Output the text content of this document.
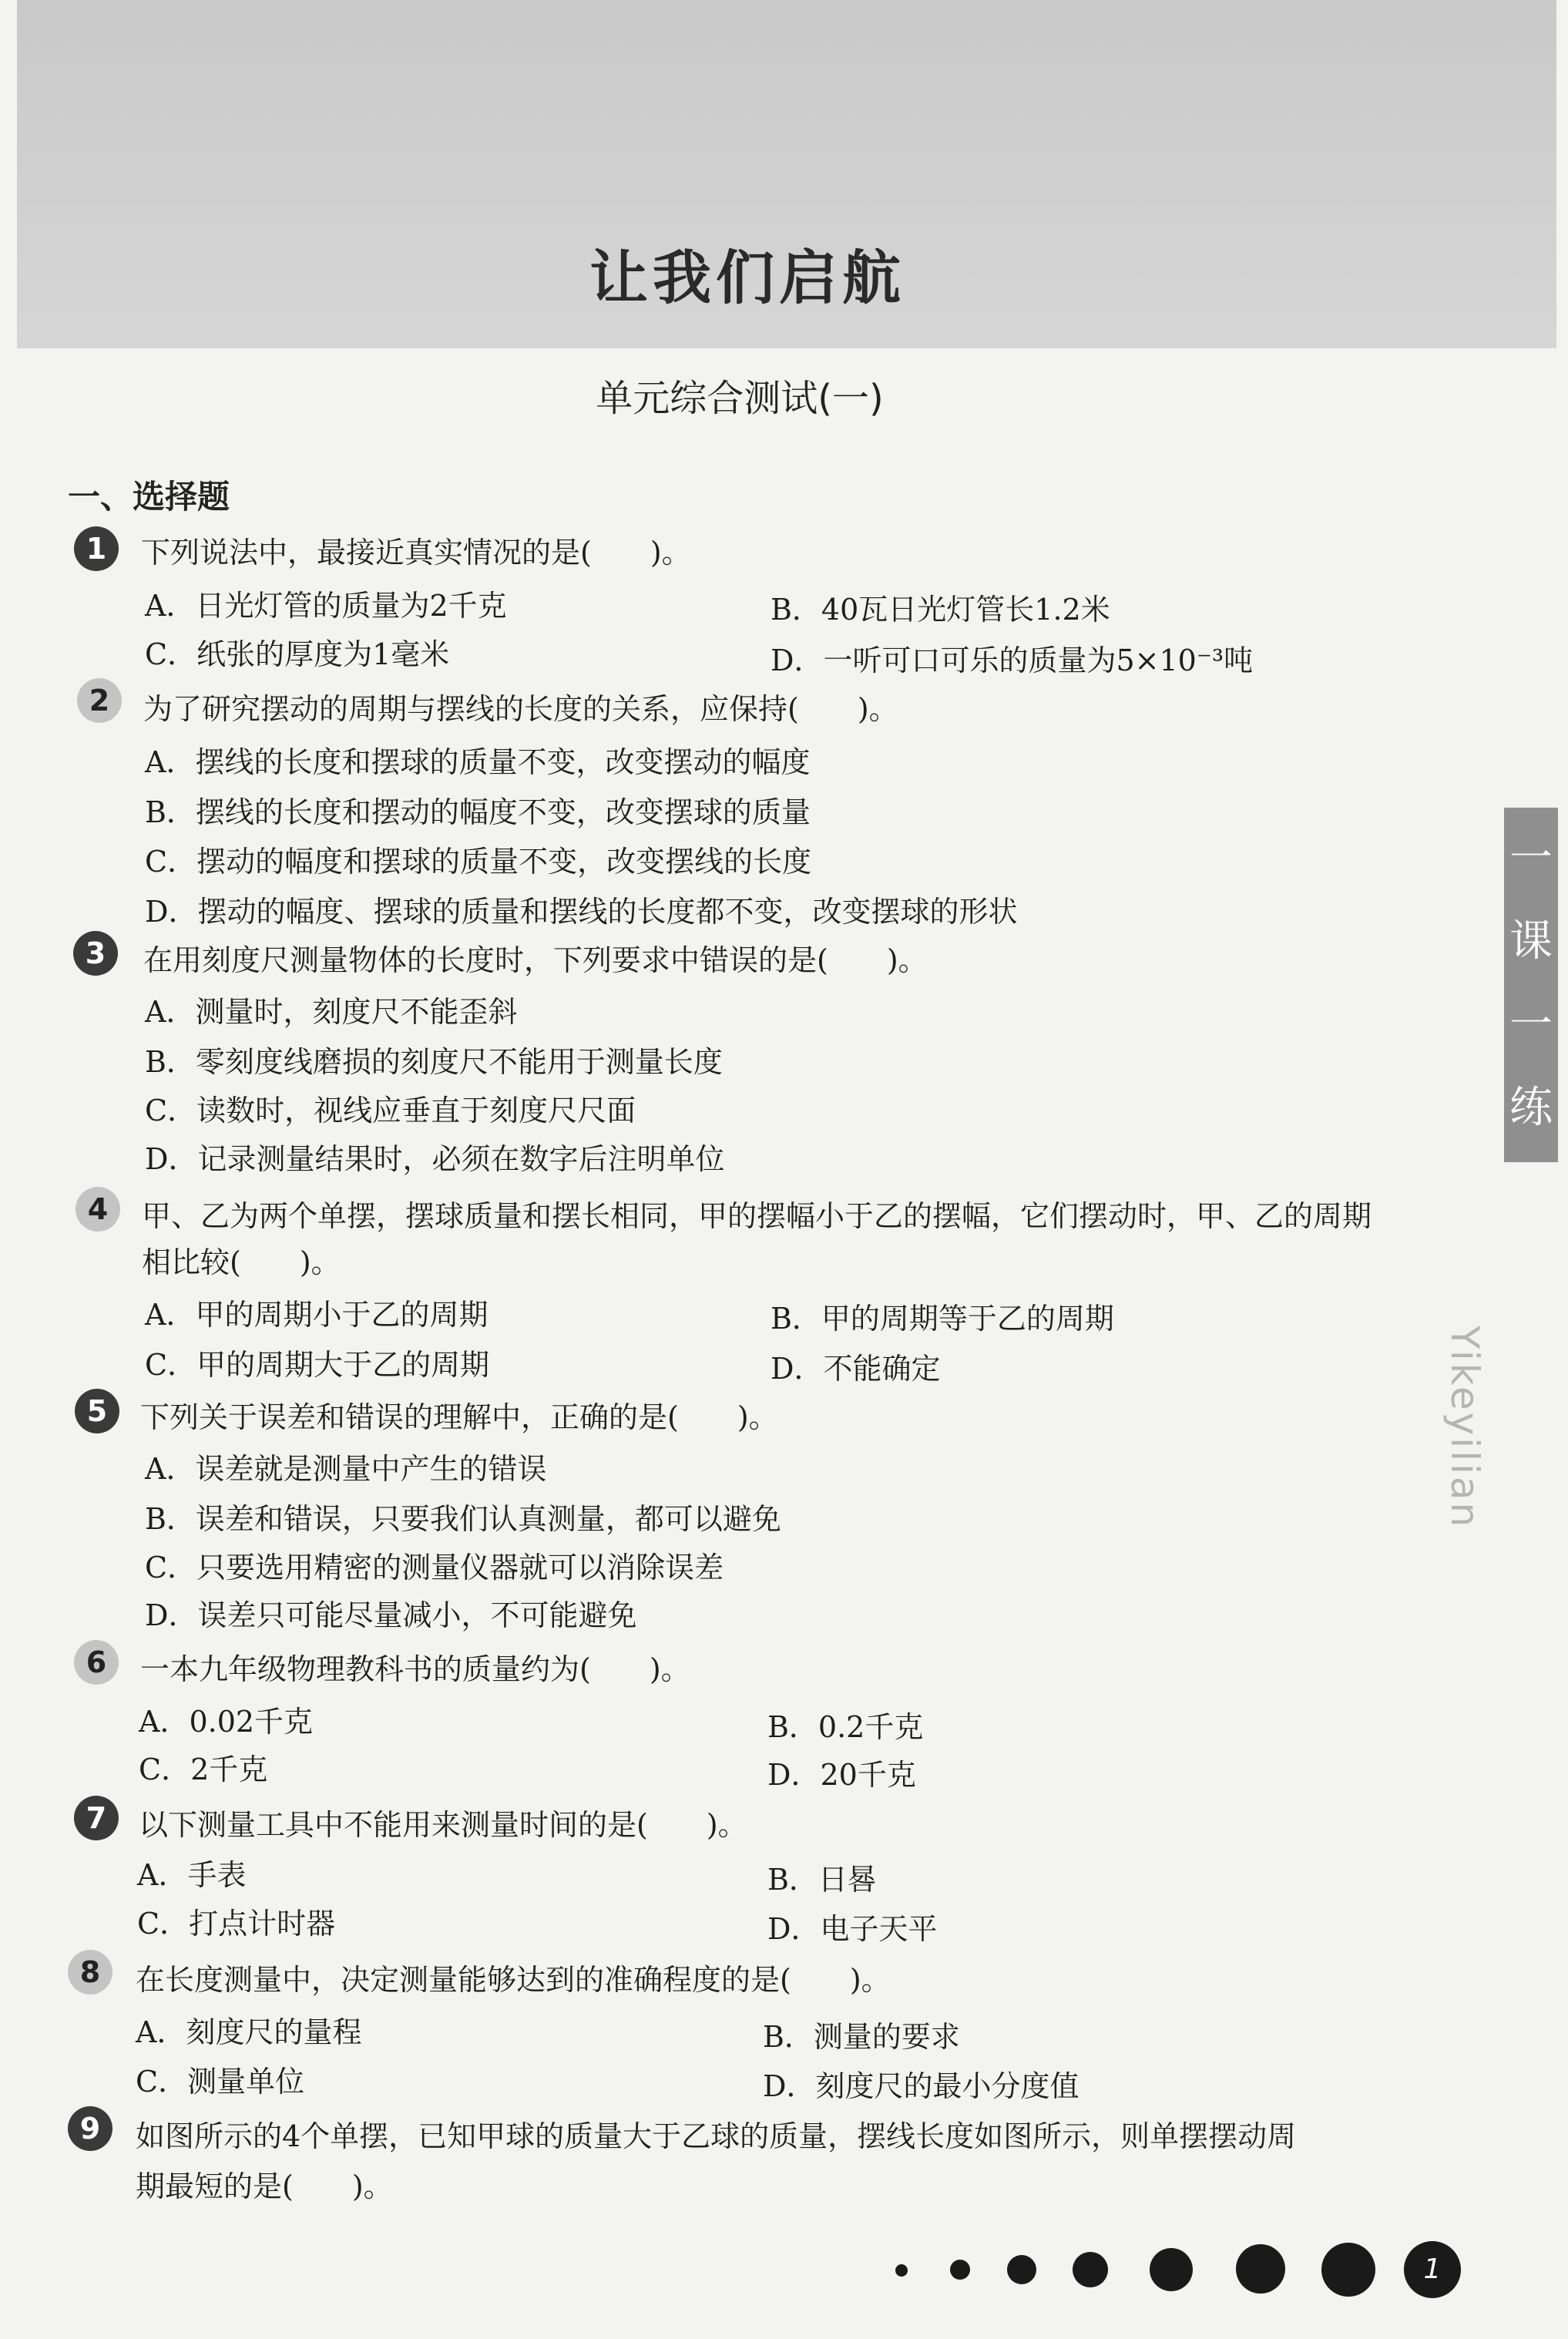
让我们启航
单元综合测试(一)
一、选择题
1	下列说法中，最接近真实情况的是(　　)。
A．日光灯管的质量为2千克	B．40瓦日光灯管长1.2米
C．纸张的厚度为1毫米	D．一听可口可乐的质量为5×10⁻³吨
2	为了研究摆动的周期与摆线的长度的关系，应保持(　　)。
A．摆线的长度和摆球的质量不变，改变摆动的幅度
B．摆线的长度和摆动的幅度不变，改变摆球的质量
C．摆动的幅度和摆球的质量不变，改变摆线的长度
D．摆动的幅度、摆球的质量和摆线的长度都不变，改变摆球的形状
3	在用刻度尺测量物体的长度时，下列要求中错误的是(　　)。
A．测量时，刻度尺不能歪斜
B．零刻度线磨损的刻度尺不能用于测量长度
C．读数时，视线应垂直于刻度尺尺面
D．记录测量结果时，必须在数字后注明单位
4	甲、乙为两个单摆，摆球质量和摆长相同，甲的摆幅小于乙的摆幅，它们摆动时，甲、乙的周期
相比较(　　)。
A．甲的周期小于乙的周期	B．甲的周期等于乙的周期
C．甲的周期大于乙的周期	D．不能确定
5	下列关于误差和错误的理解中，正确的是(　　)。
A．误差就是测量中产生的错误
B．误差和错误，只要我们认真测量，都可以避免
C．只要选用精密的测量仪器就可以消除误差
D．误差只可能尽量减小，不可能避免
6	一本九年级物理教科书的质量约为(　　)。
A．0.02千克	B．0.2千克
C．2千克	D．20千克
7	以下测量工具中不能用来测量时间的是(　　)。
A．手表	B．日晷
C．打点计时器	D．电子天平
8	在长度测量中，决定测量能够达到的准确程度的是(　　)。
A．刻度尺的量程	B．测量的要求
C．测量单位	D．刻度尺的最小分度值
9	如图所示的4个单摆，已知甲球的质量大于乙球的质量，摆线长度如图所示，则单摆摆动周
期最短的是(　　)。
一课一练
Yikeyilian
1
